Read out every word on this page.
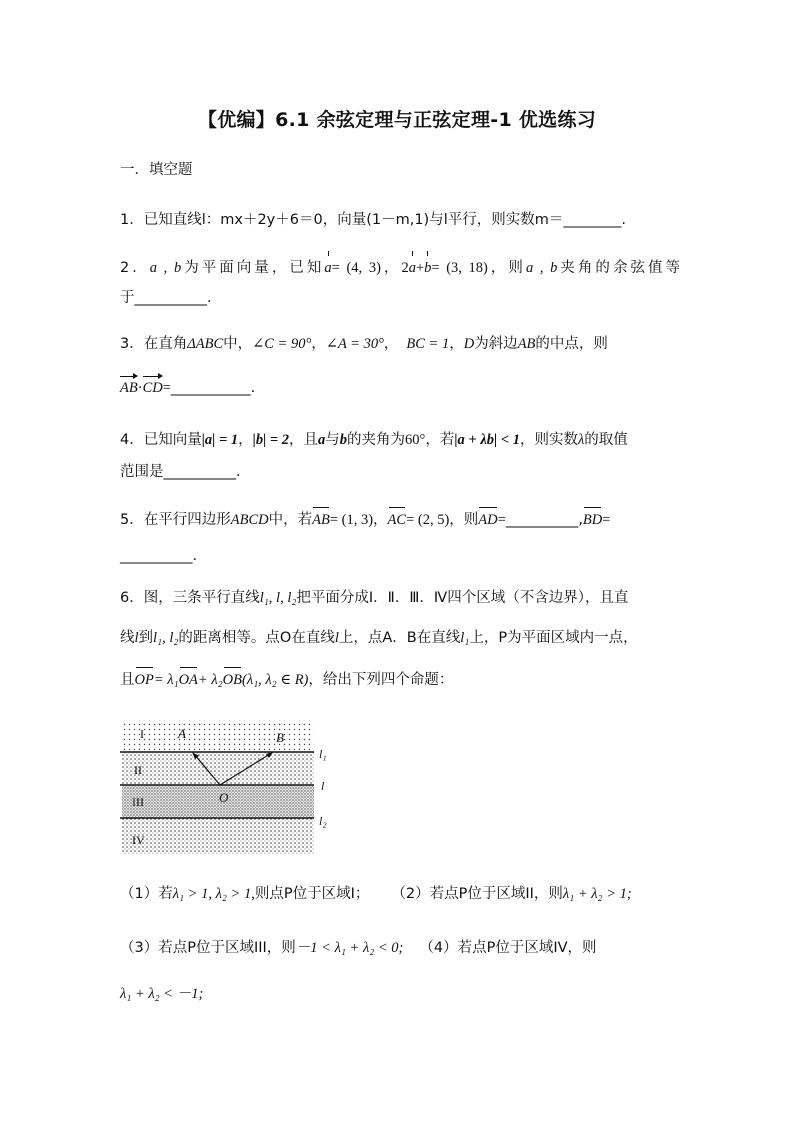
【优编】6.1 余弦定理与正弦定理-1 优选练习
一．填空题
1．已知直线l：mx＋2y＋6＝0，向量(1－m,1)与l平行，则实数m＝________.
2．a , b为平面向量，已知a= (4, 3)，2a+b= (3, 18)，则a , b夹角的余弦值等
于__________．
3．在直角ΔABC中，∠C = 90°，∠A = 30°， BC = 1，D为斜边AB的中点，则
AB·CD=___________.
4．已知向量|a| = 1，|b| = 2，且a与b的夹角为60°，若|a + λb| < 1，则实数λ的取值
范围是__________．
5．在平行四边形ABCD中，若AB= (1, 3)，AC= (2, 5)，则AD=__________,BD=
__________.
6．图，三条平行直线l₁, l, l₂把平面分成Ⅰ．Ⅱ．Ⅲ．Ⅳ四个区域（不含边界），且直
线l到l₁, l₂的距离相等。点O在直线l上，点A．B在直线l₁上，P为平面区域内一点，
且OP= λ₁OA+ λ₂OB(λ₁, λ₂ ∈ R)，给出下列四个命题：
I
II
III
IV
A	B
O
l₁
l
l₂
（1）若λ₁ > 1, λ₂ > 1,则点P位于区域Ⅰ； （2）若点P位于区域II，则λ₁ + λ₂ > 1;
（3）若点P位于区域III，则－1 < λ₁ + λ₂ < 0; （4）若点P位于区域IV，则
λ₁ + λ₂ < －1;
